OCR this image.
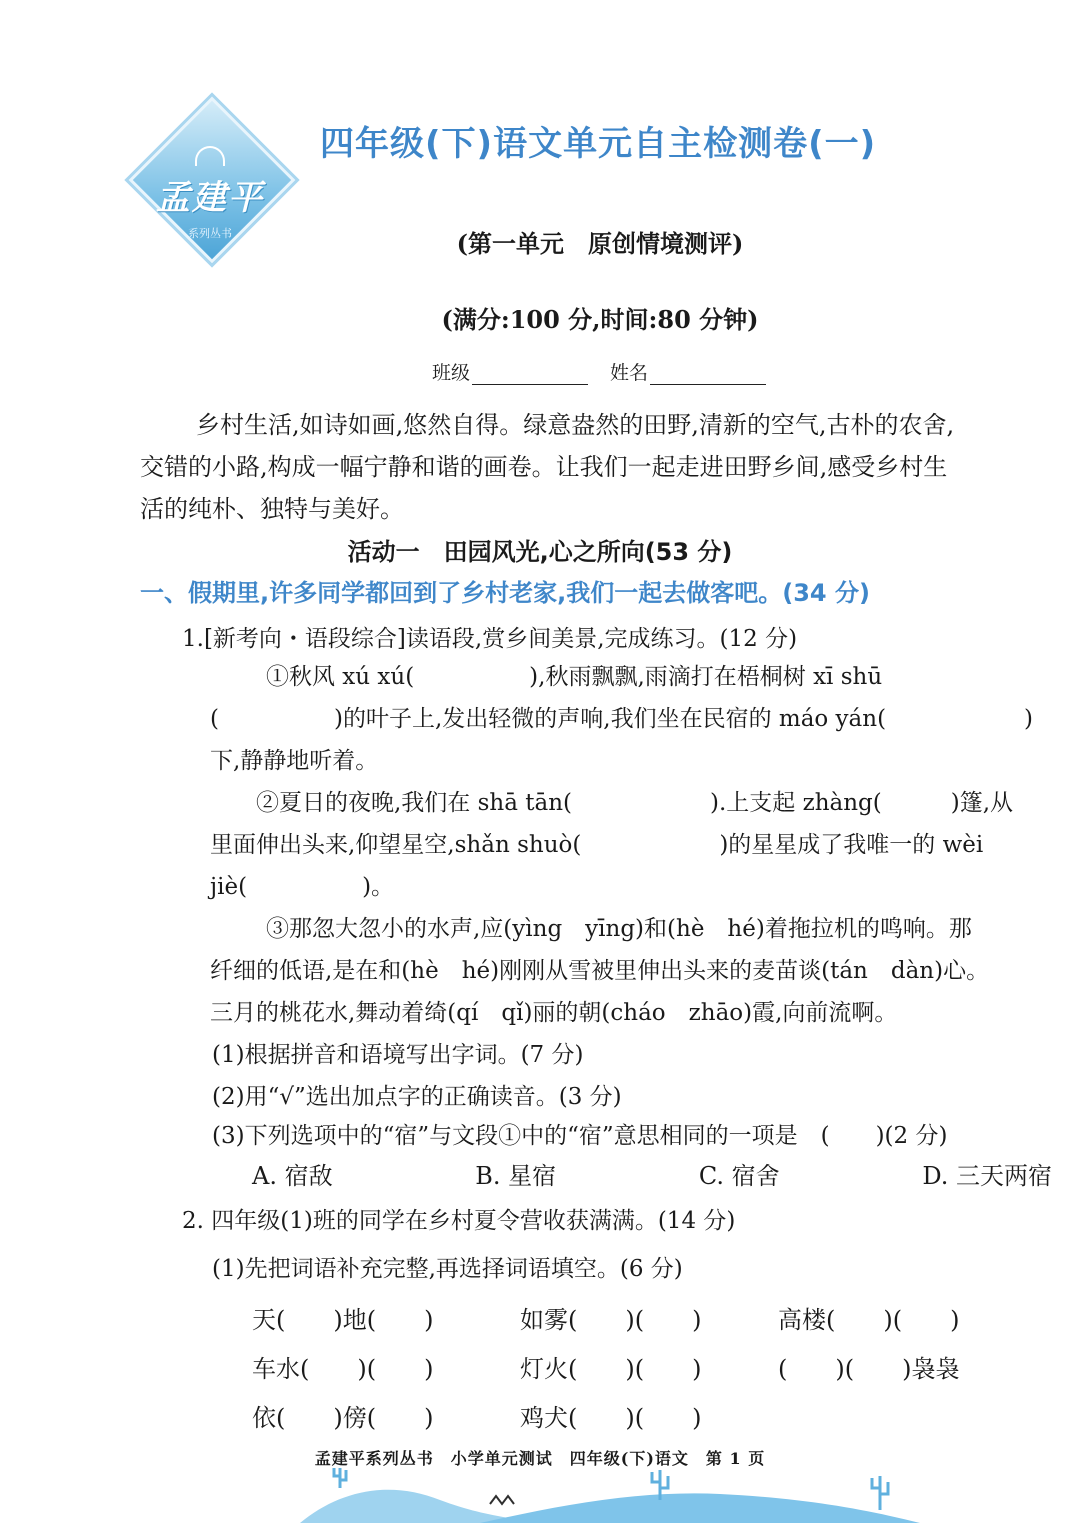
孟建平
系列丛书
四年级(下)语文单元自主检测卷(一)
(第一单元　原创情境测评)
(满分:100 分,时间:80 分钟)
班级	姓名

乡村生活,如诗如画,悠然自得。绿意盎然的田野,清新的空气,古朴的农舍,

交错的小路,构成一幅宁静和谐的画卷。让我们一起走进田野乡间,感受乡村生

活的纯朴、独特与美好。

活动一　田园风光,心之所向(53 分)
一、假期里,许多同学都回到了乡村老家,我们一起去做客吧。(34 分)
1.[新考向・语段综合]读语段,赏乡间美景,完成练习。(12 分)
①秋风 xú xú(　　　　　),秋雨飘飘,雨滴打在梧桐树 xī shū
(　　　　　)的叶子上,发出轻微的声响,我们坐在民宿的 máo yán(　　　　　　)
下,静静地听着。
②夏日的夜晚,我们在 shā tān(　　　　　　).上支起 zhàng(　　　)篷,从
里面伸出头来,仰望星空,shǎn shuò(　　　　　　)的星星成了我唯一的 wèi
jiè(　　　　　)。
③那忽大忽小的水声,应(yìng　yīng)和(hè　hé)着拖拉机的鸣响。那
纤细的低语,是在和(hè　hé)刚刚从雪被里伸出头来的麦苗谈(tán　dàn)心。
三月的桃花水,舞动着绮(qí　qǐ)丽的朝(cháo　zhāo)霞,向前流啊。
(1)根据拼音和语境写出字词。(7 分)
(2)用“√”选出加点字的正确读音。(3 分)
(3)下列选项中的“宿”与文段①中的“宿”意思相同的一项是　(　　)(2 分)
A. 宿敌	B. 星宿	C. 宿舍	D. 三天两宿
2. 四年级(1)班的同学在乡村夏令营收获满满。(14 分)
(1)先把词语补充完整,再选择词语填空。(6 分)
天(　　)地(　　)	如雾(　　)(　　)	高楼(　　)(　　)
车水(　　)(　　)	灯火(　　)(　　)	(　　)(　　)袅袅
依(　　)傍(　　)	鸡犬(　　)(　　)
孟建平系列丛书　小学单元测试　四年级(下)语文　第 1 页
